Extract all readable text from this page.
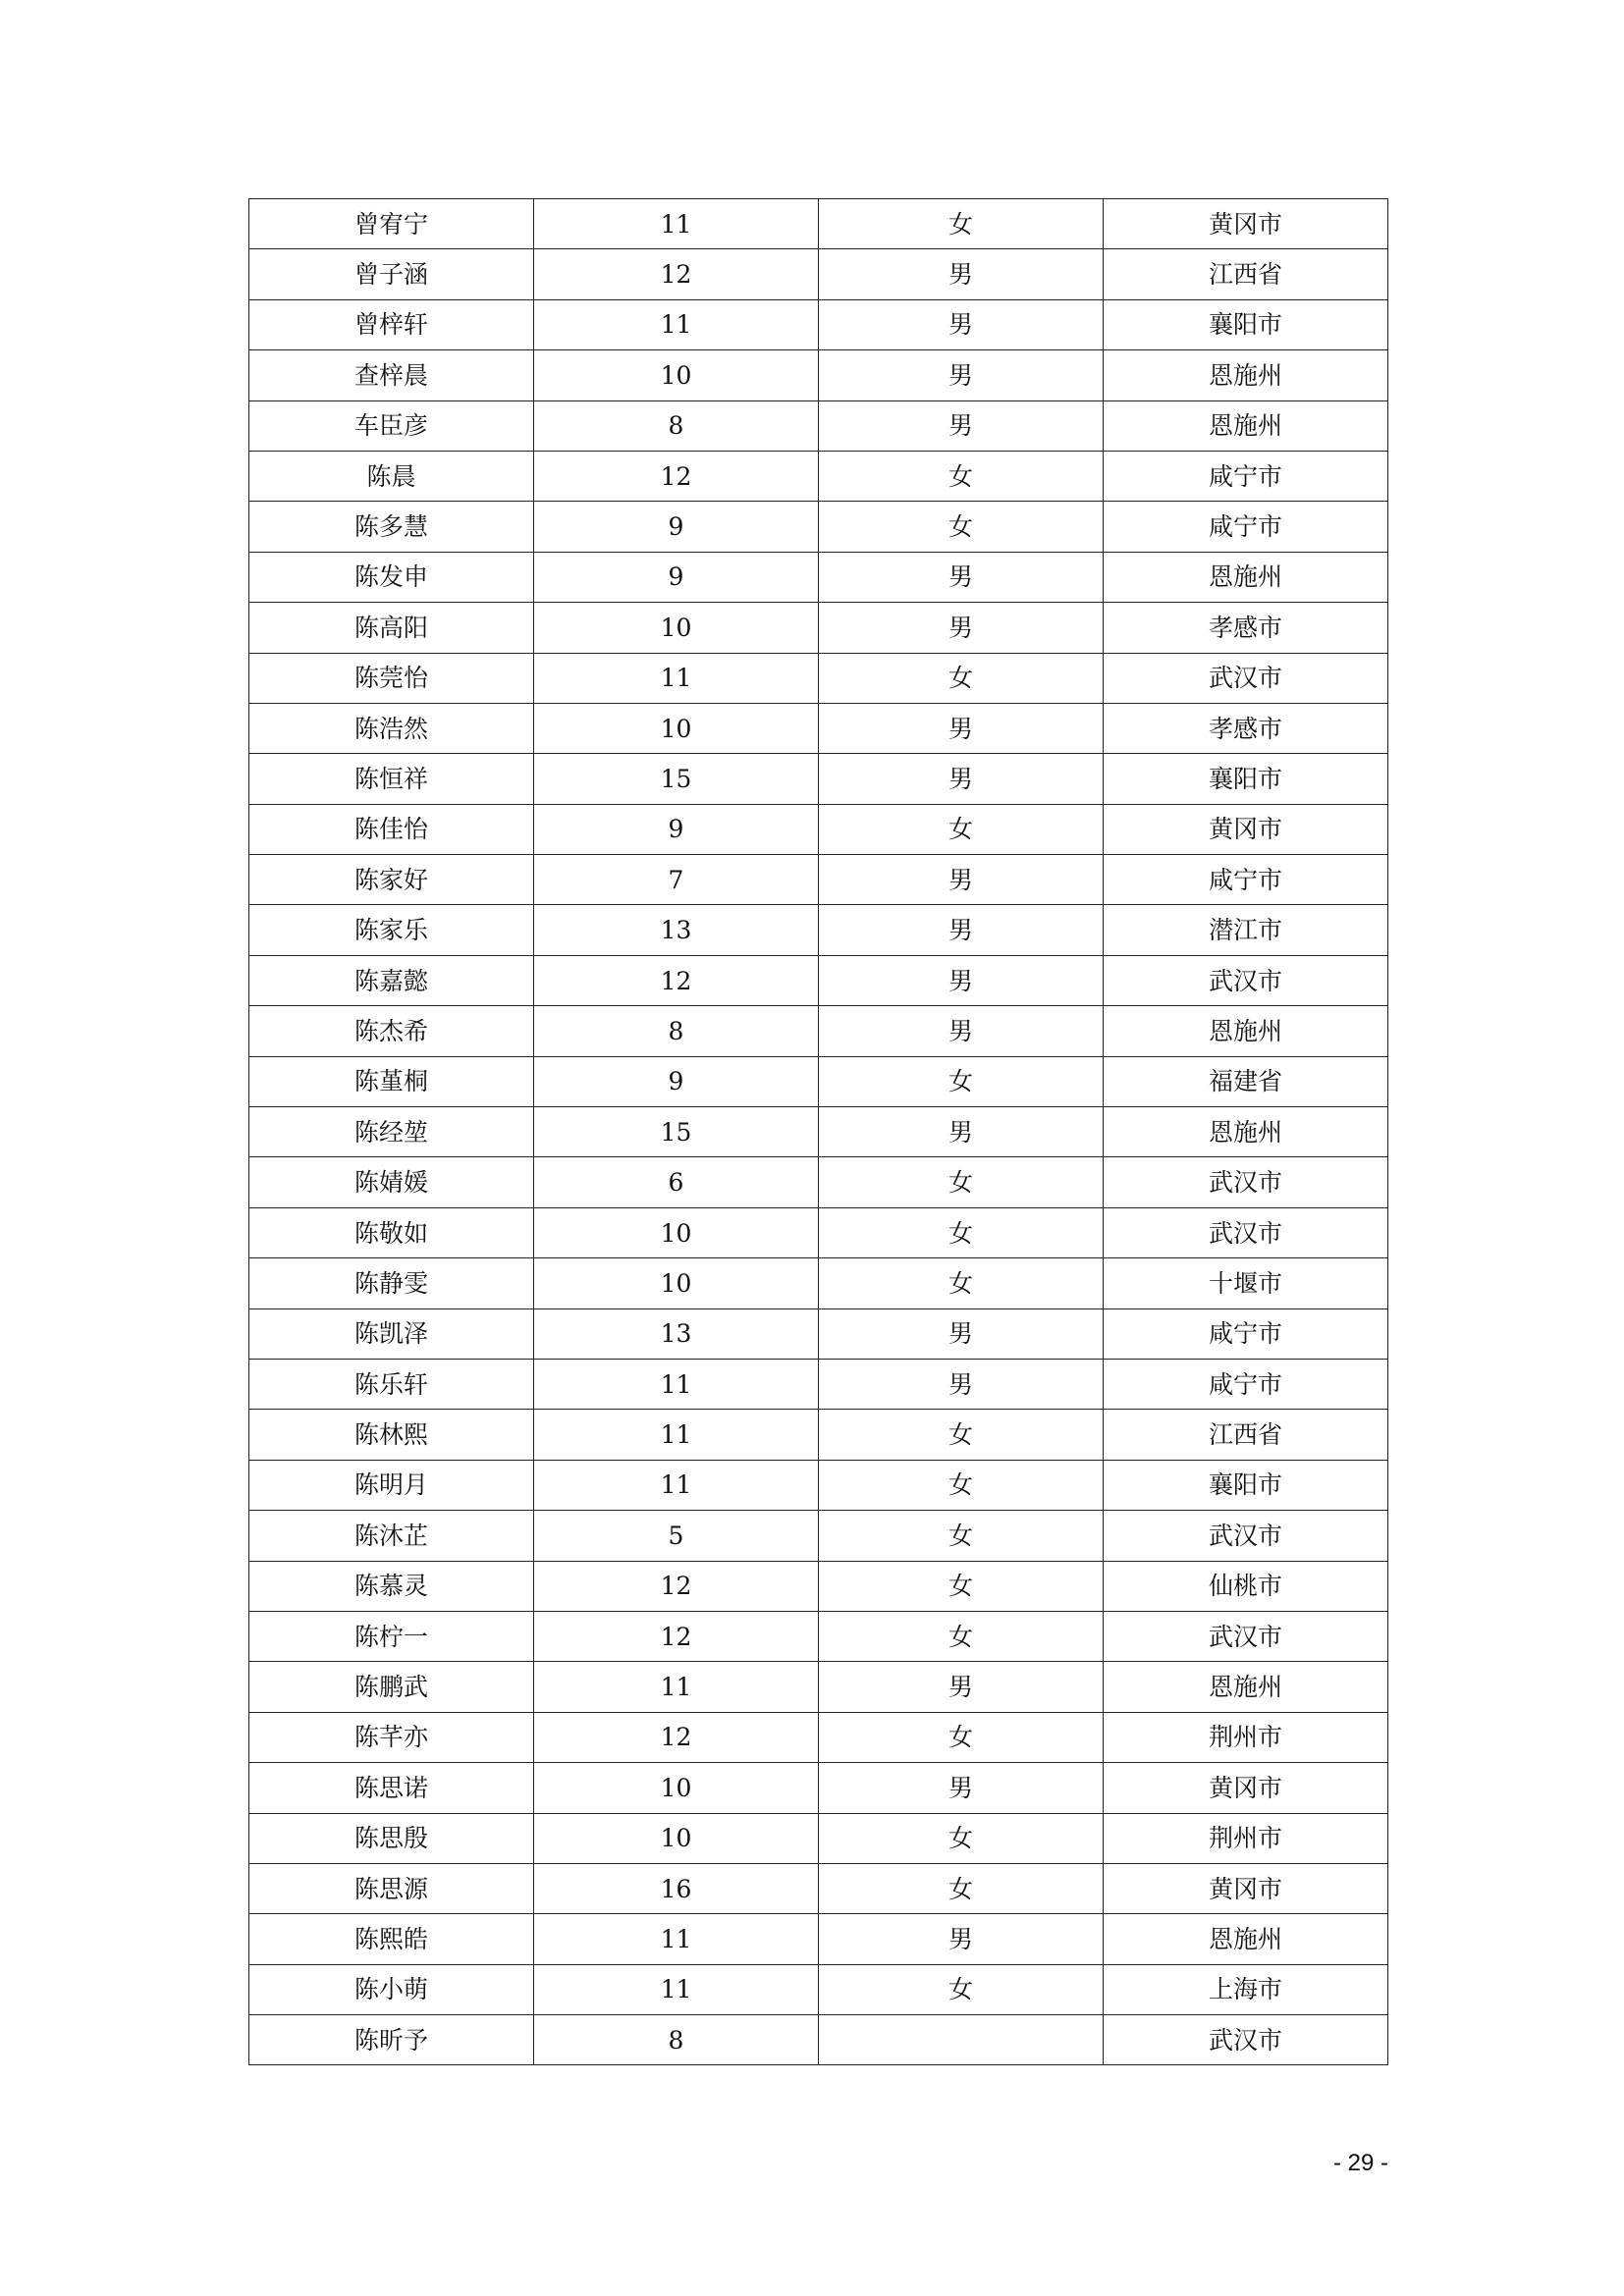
曾宥宁	11	女	黄冈市
曾子涵	12	男	江西省
曾梓轩	11	男	襄阳市
查梓晨	10	男	恩施州
车臣彦	8	男	恩施州
陈晨	12	女	咸宁市
陈多慧	9	女	咸宁市
陈发申	9	男	恩施州
陈高阳	10	男	孝感市
陈莞怡	11	女	武汉市
陈浩然	10	男	孝感市
陈恒祥	15	男	襄阳市
陈佳怡	9	女	黄冈市
陈家好	7	男	咸宁市
陈家乐	13	男	潜江市
陈嘉懿	12	男	武汉市
陈杰希	8	男	恩施州
陈堇桐	9	女	福建省
陈经堃	15	男	恩施州
陈婧媛	6	女	武汉市
陈敬如	10	女	武汉市
陈静雯	10	女	十堰市
陈凯泽	13	男	咸宁市
陈乐轩	11	男	咸宁市
陈林熙	11	女	江西省
陈明月	11	女	襄阳市
陈沐芷	5	女	武汉市
陈慕灵	12	女	仙桃市
陈柠一	12	女	武汉市
陈鹏武	11	男	恩施州
陈芊亦	12	女	荆州市
陈思诺	10	男	黄冈市
陈思殷	10	女	荆州市
陈思源	16	女	黄冈市
陈熙皓	11	男	恩施州
陈小萌	11	女	上海市
陈昕予	8		武汉市
- 29 -
